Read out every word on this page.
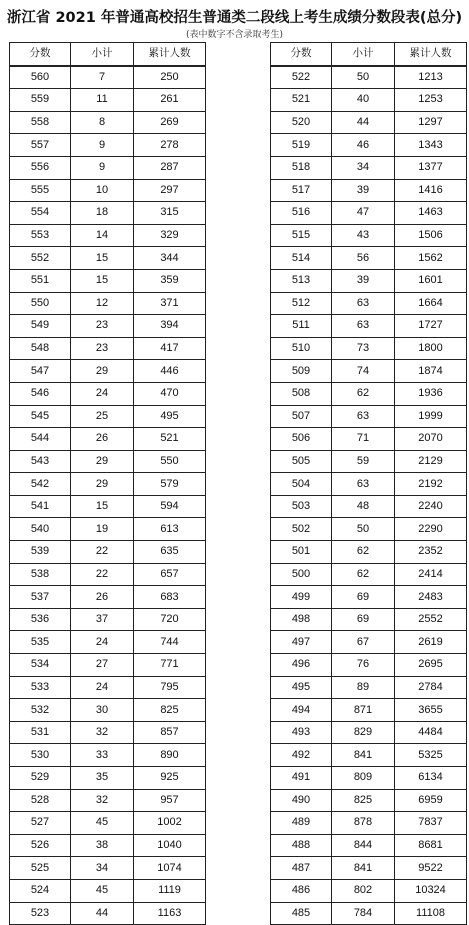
浙江省 2021 年普通高校招生普通类二段线上考生成绩分数段表(总分)
(表中数字不含录取考生)
分数	小计	累计人数
560	7	250
559	11	261
558	8	269
557	9	278
556	9	287
555	10	297
554	18	315
553	14	329
552	15	344
551	15	359
550	12	371
549	23	394
548	23	417
547	29	446
546	24	470
545	25	495
544	26	521
543	29	550
542	29	579
541	15	594
540	19	613
539	22	635
538	22	657
537	26	683
536	37	720
535	24	744
534	27	771
533	24	795
532	30	825
531	32	857
530	33	890
529	35	925
528	32	957
527	45	1002
526	38	1040
525	34	1074
524	45	1119
523	44	1163
分数	小计	累计人数
522	50	1213
521	40	1253
520	44	1297
519	46	1343
518	34	1377
517	39	1416
516	47	1463
515	43	1506
514	56	1562
513	39	1601
512	63	1664
511	63	1727
510	73	1800
509	74	1874
508	62	1936
507	63	1999
506	71	2070
505	59	2129
504	63	2192
503	48	2240
502	50	2290
501	62	2352
500	62	2414
499	69	2483
498	69	2552
497	67	2619
496	76	2695
495	89	2784
494	871	3655
493	829	4484
492	841	5325
491	809	6134
490	825	6959
489	878	7837
488	844	8681
487	841	9522
486	802	10324
485	784	11108
